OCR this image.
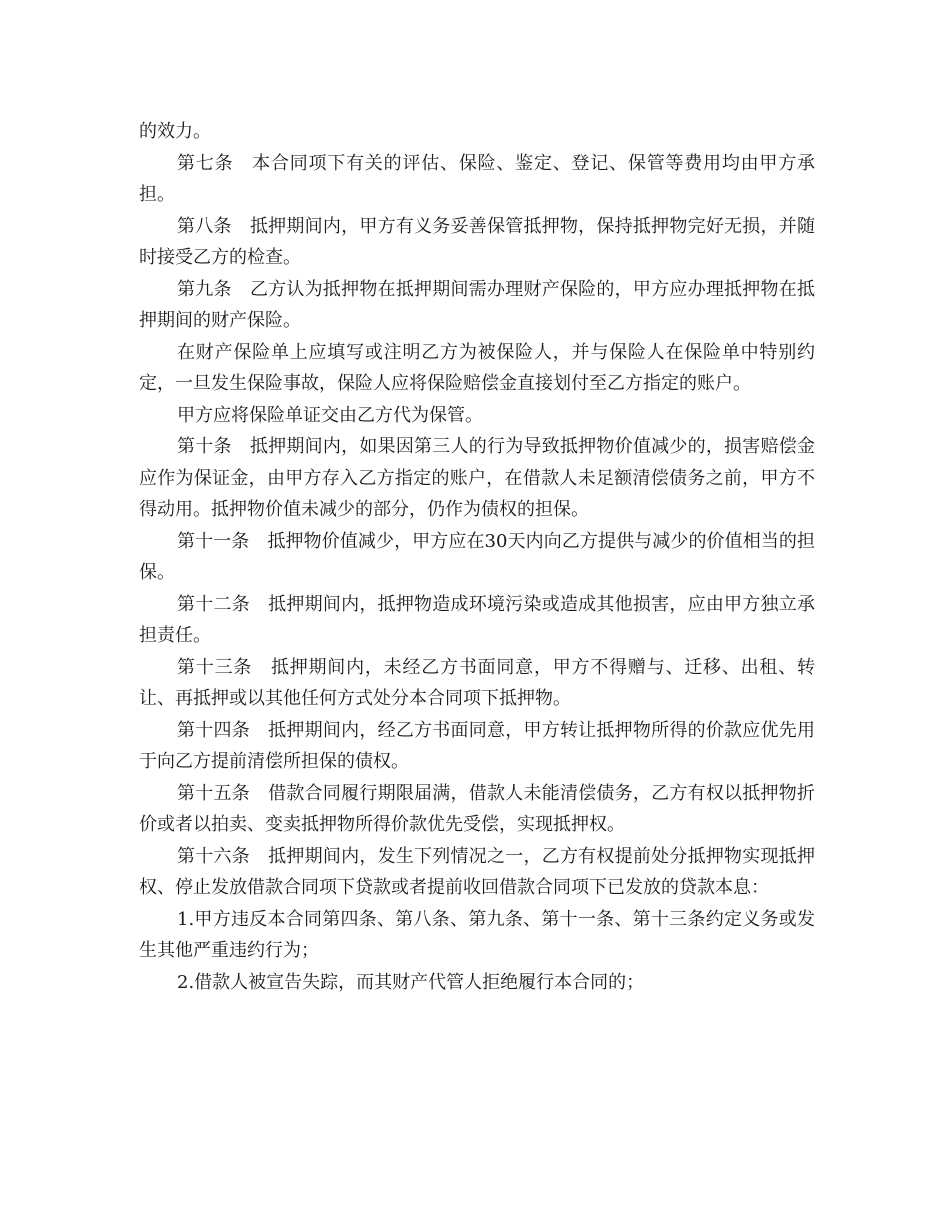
的效力。

第七条　本合同项下有关的评估、保险、鉴定、登记、保管等费用均由甲方承担。

第八条　抵押期间内，甲方有义务妥善保管抵押物，保持抵押物完好无损，并随时接受乙方的检查。

第九条　乙方认为抵押物在抵押期间需办理财产保险的，甲方应办理抵押物在抵押期间的财产保险。

在财产保险单上应填写或注明乙方为被保险人，并与保险人在保险单中特别约定，一旦发生保险事故，保险人应将保险赔偿金直接划付至乙方指定的账户。

甲方应将保险单证交由乙方代为保管。

第十条　抵押期间内，如果因第三人的行为导致抵押物价值减少的，损害赔偿金应作为保证金，由甲方存入乙方指定的账户，在借款人未足额清偿债务之前，甲方不得动用。抵押物价值未减少的部分，仍作为债权的担保。

第十一条　抵押物价值减少，甲方应在30天内向乙方提供与减少的价值相当的担保。

第十二条　抵押期间内，抵押物造成环境污染或造成其他损害，应由甲方独立承担责任。

第十三条　抵押期间内，未经乙方书面同意，甲方不得赠与、迁移、出租、转让、再抵押或以其他任何方式处分本合同项下抵押物。

第十四条　抵押期间内，经乙方书面同意，甲方转让抵押物所得的价款应优先用于向乙方提前清偿所担保的债权。

第十五条　借款合同履行期限届满，借款人未能清偿债务，乙方有权以抵押物折价或者以拍卖、变卖抵押物所得价款优先受偿，实现抵押权。

第十六条　抵押期间内，发生下列情况之一，乙方有权提前处分抵押物实现抵押权、停止发放借款合同项下贷款或者提前收回借款合同项下已发放的贷款本息：

1.甲方违反本合同第四条、第八条、第九条、第十一条、第十三条约定义务或发生其他严重违约行为；

2.借款人被宣告失踪，而其财产代管人拒绝履行本合同的；
